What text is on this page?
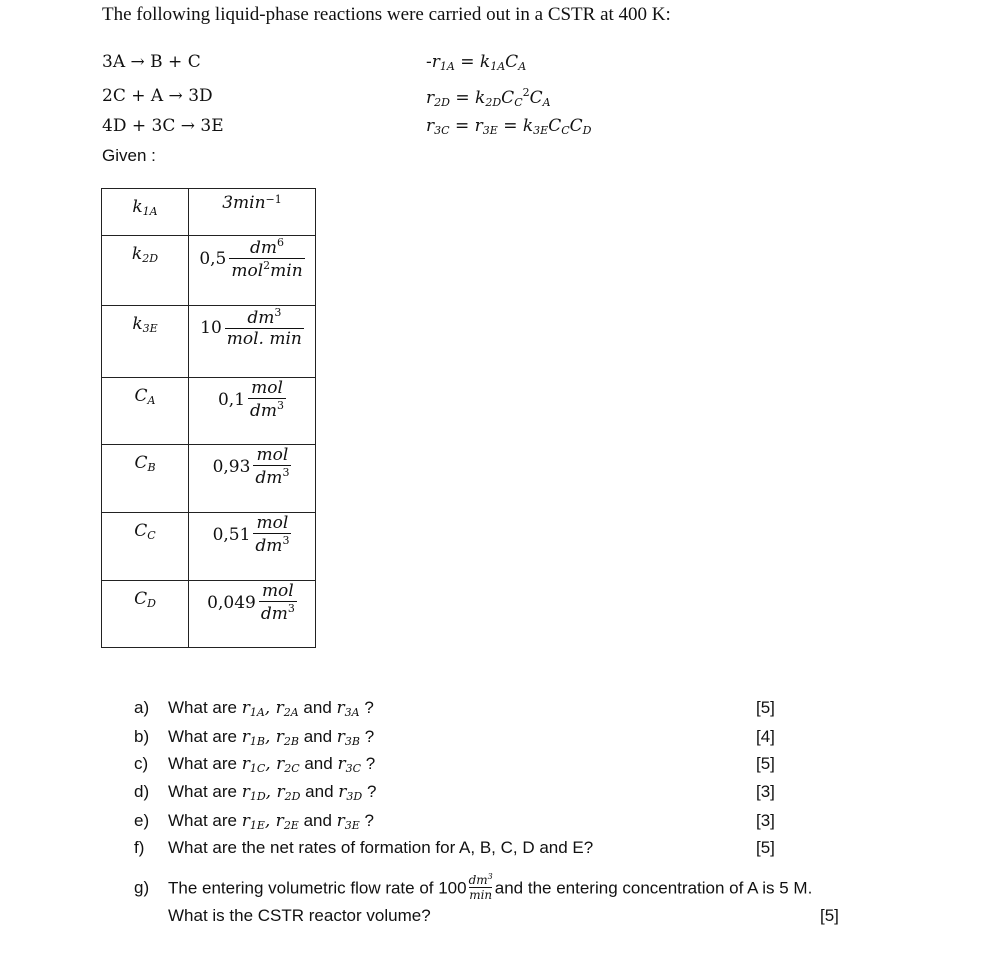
The following liquid-phase reactions were carried out in a CSTR at 400 K:
3A → B + C
2C + A → 3D
4D + 3C → 3E
$-r_{1A} = k_{1A}C_A$
$r_{2D} = k_{2D}C_C^2C_A$
$r_{3C} = r_{3E} = k_{3E}C_CC_D$
Given :
$k_{1A}$	3min −1

$k_{2D}$	$0,5 \frac{dm^6}{mol^2\min}$

$k_{3E}$	$10 \frac{dm^3}{\text{mol. min}}$

$C_A$	$0,1 \frac{\text{mol}}{dm^3}$

$C_B$	$0,93 \frac{\text{mol}}{dm^3}$

$C_C$	$0,51 \frac{\text{mol}}{dm^3}$

$C_D$	$0,049 \frac{\text{mol}}{dm^3}$
a) What are $r_{1A}$, $r_{2A}$ and $r_{3A}$ ?	[5]
b) What are $r_{1B}$, $r_{2B}$ and $r_{3B}$ ?	[4]
c) What are $r_{1C}$, $r_{2C}$ and $r_{3C}$ ?	[5]
d) What are $r_{1D}$, $r_{2D}$ and $r_{3D}$ ?	[3]
e) What are $r_{1E}$, $r_{2E}$ and $r_{3E}$ ?	[3]
f) What are the net rates of formation for A, B, C, D and E?	[5]
g) The entering volumetric flow rate of 100 $dm^3$
min and the entering concentration of A is 5 M.
What is the CSTR reactor volume?	[5]
